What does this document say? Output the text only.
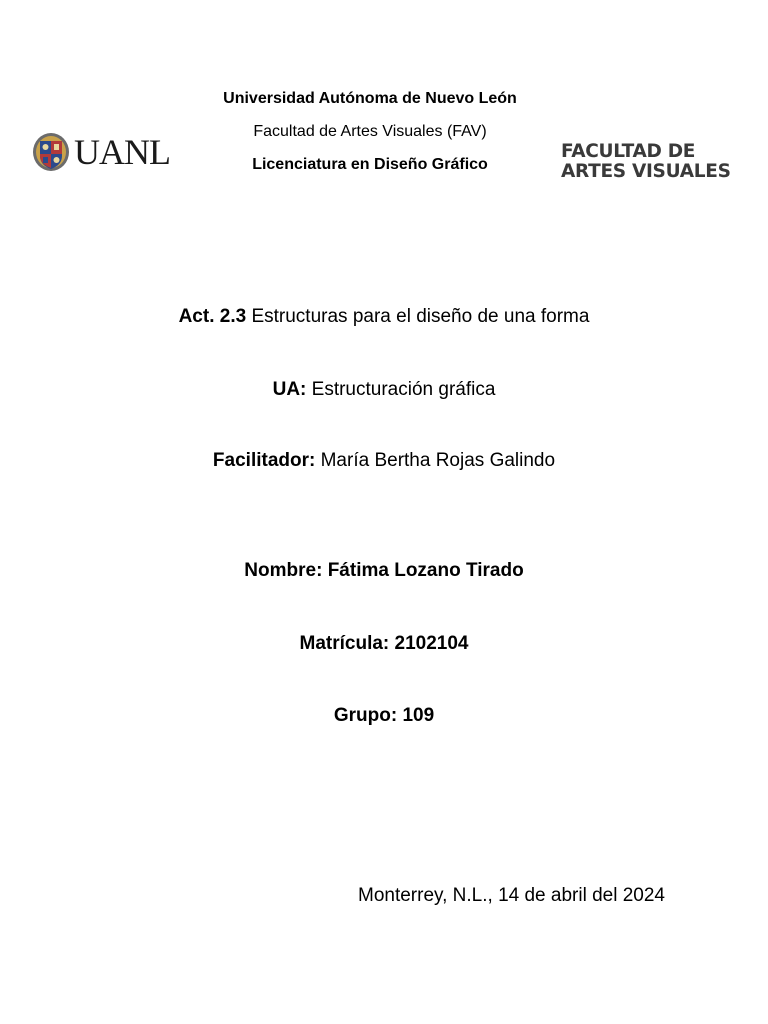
UANL
Universidad Autónoma de Nuevo León
Facultad de Artes Visuales (FAV)
Licenciatura en Diseño Gráfico
FACULTAD DE
ARTES VISUALES
Act. 2.3 Estructuras para el diseño de una forma
UA: Estructuración gráfica
Facilitador: María Bertha Rojas Galindo
Nombre: Fátima Lozano Tirado
Matrícula: 2102104
Grupo: 109
Monterrey, N.L., 14 de abril del 2024
